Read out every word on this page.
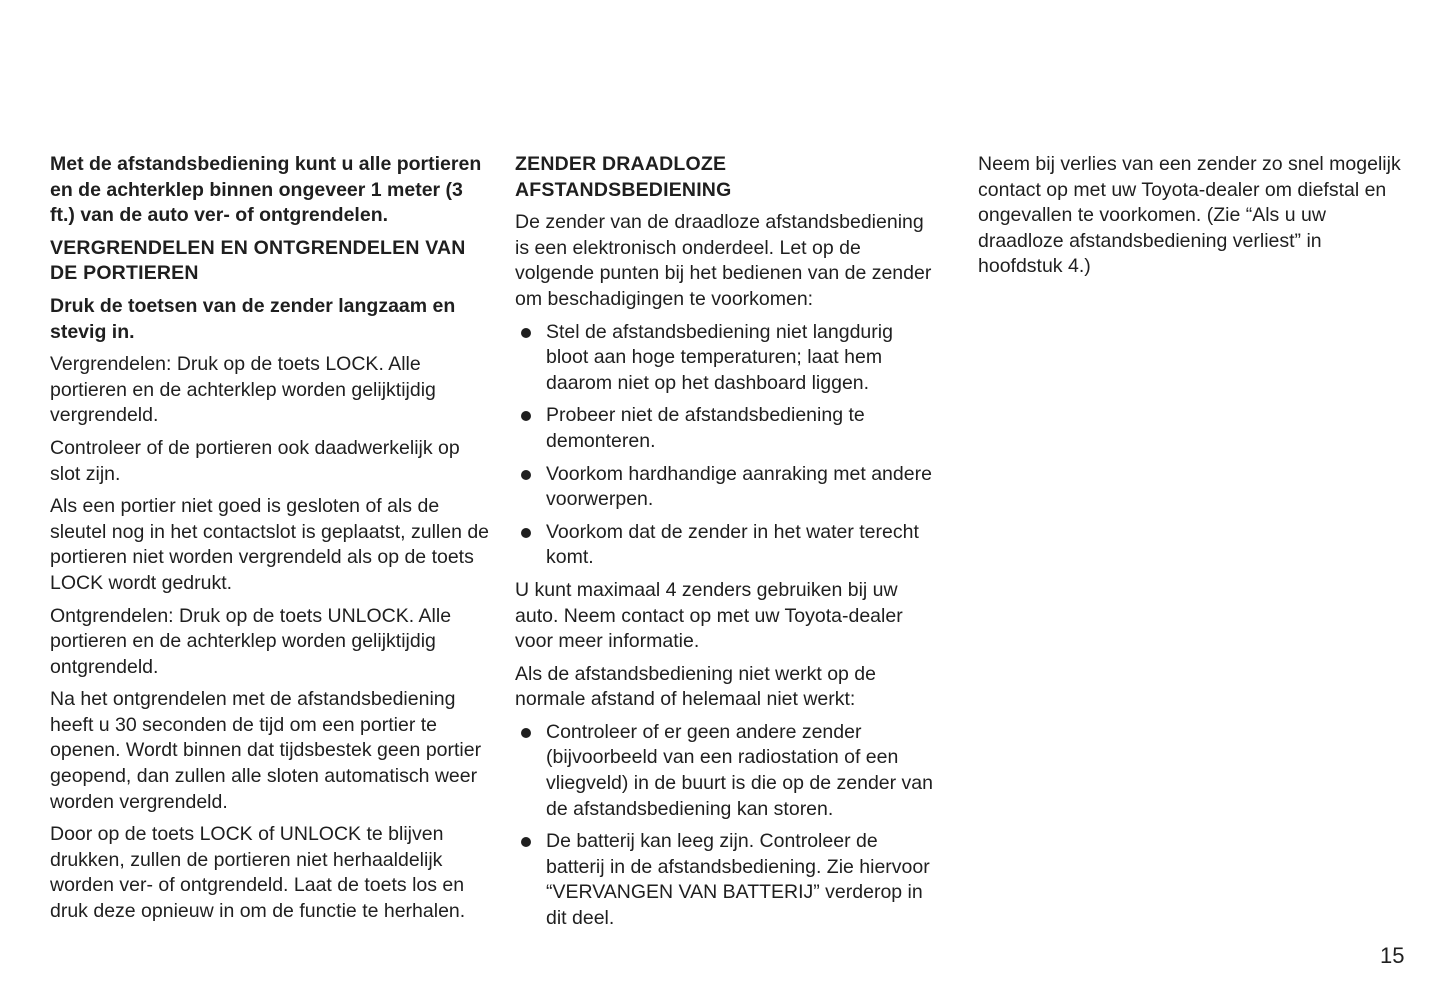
Met de afstandsbediening kunt u alle portieren en de achterklep binnen ongeveer 1 meter (3 ft.) van de auto ver- of ontgrendelen.

VERGRENDELEN EN ONTGRENDELEN VAN DE PORTIEREN
Druk de toetsen van de zender langzaam en stevig in.

Vergrendelen: Druk op de toets LOCK. Alle portieren en de achterklep worden gelijktijdig vergrendeld.

Controleer of de portieren ook daadwerkelijk op slot zijn.

Als een portier niet goed is gesloten of als de sleutel nog in het contactslot is geplaatst, zullen de portieren niet worden vergrendeld als op de toets LOCK wordt gedrukt.

Ontgrendelen: Druk op de toets UNLOCK. Alle portieren en de achterklep worden gelijktijdig ontgrendeld.

Na het ontgrendelen met de afstandsbediening heeft u 30 seconden de tijd om een portier te openen. Wordt binnen dat tijdsbestek geen portier geopend, dan zullen alle sloten automatisch weer worden vergrendeld.

Door op de toets LOCK of UNLOCK te blijven drukken, zullen de portieren niet herhaaldelijk worden ver- of ontgrendeld. Laat de toets los en druk deze opnieuw in om de functie te herhalen.

ZENDER DRAADLOZE AFSTANDSBEDIENING

De zender van de draadloze afstandsbediening is een elektronisch onderdeel. Let op de volgende punten bij het bedienen van de zender om beschadigingen te voorkomen:

Stel de afstandsbediening niet langdurig bloot aan hoge temperaturen; laat hem daarom niet op het dashboard liggen.
Probeer niet de afstandsbediening te demonteren.
Voorkom hardhandige aanraking met andere voorwerpen.
Voorkom dat de zender in het water terecht komt.

U kunt maximaal 4 zenders gebruiken bij uw auto. Neem contact op met uw Toyota-dealer voor meer informatie.

Als de afstandsbediening niet werkt op de normale afstand of helemaal niet werkt:

Controleer of er geen andere zender (bijvoorbeeld van een radiostation of een vliegveld) in de buurt is die op de zender van de afstandsbediening kan storen.
De batterij kan leeg zijn. Controleer de batterij in de afstandsbediening. Zie hiervoor “VERVANGEN VAN BATTERIJ” verderop in dit deel.

Neem bij verlies van een zender zo snel mogelijk contact op met uw Toyota-dealer om diefstal en ongevallen te voorkomen. (Zie “Als u uw draadloze afstandsbediening verliest” in hoofdstuk 4.)

15
